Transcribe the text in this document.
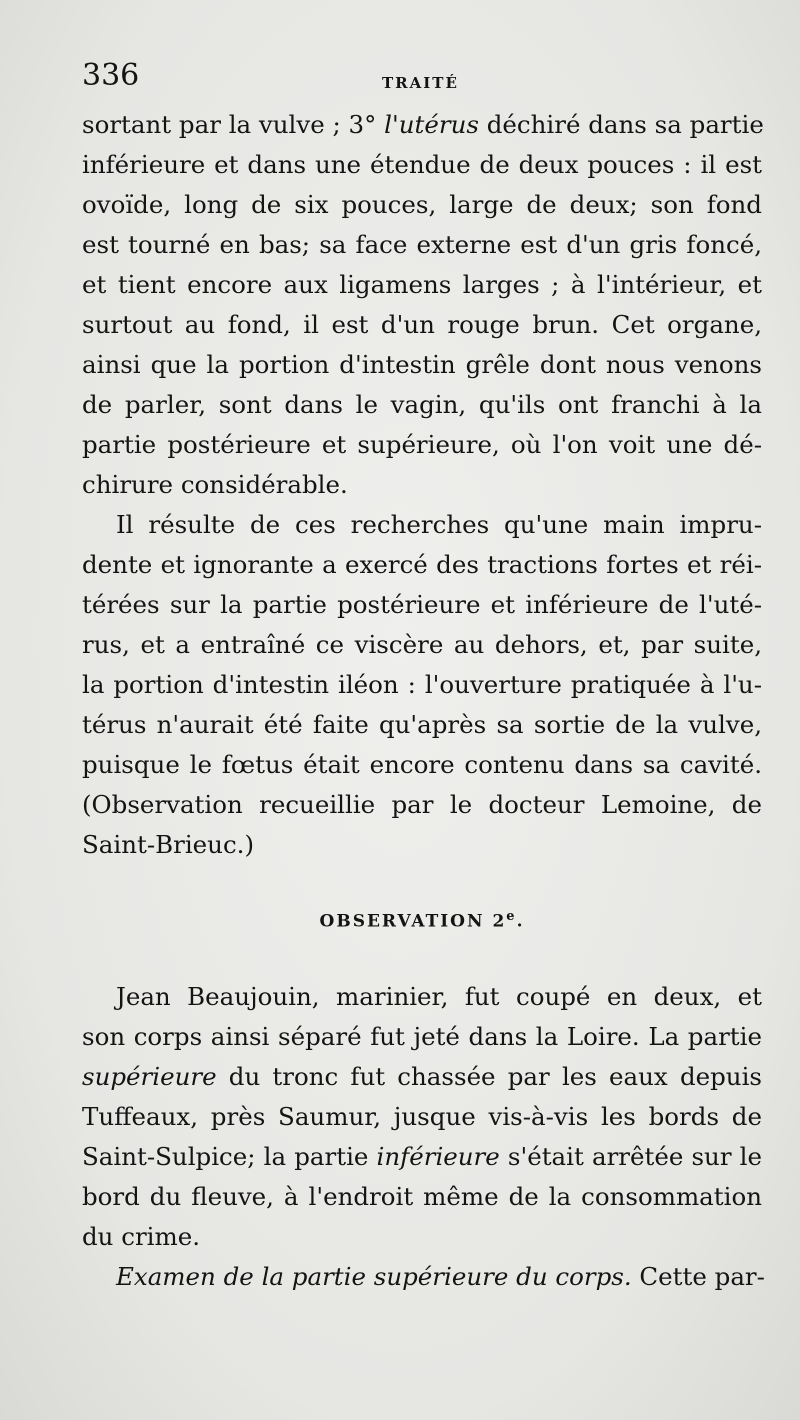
336	TRAITÉ
sortant par la vulve ; 3° l'utérus déchiré dans sa partie
inférieure et dans une étendue de deux pouces : il est
ovoïde, long de six pouces, large de deux; son fond
est tourné en bas; sa face externe est d'un gris foncé,
et tient encore aux ligamens larges ; à l'intérieur, et
surtout au fond, il est d'un rouge brun. Cet organe,
ainsi que la portion d'intestin grêle dont nous venons
de parler, sont dans le vagin, qu'ils ont franchi à la
partie postérieure et supérieure, où l'on voit une dé-
chirure considérable.
Il résulte de ces recherches qu'une main impru-
dente et ignorante a exercé des tractions fortes et réi-
térées sur la partie postérieure et inférieure de l'uté-
rus, et a entraîné ce viscère au dehors, et, par suite,
la portion d'intestin iléon : l'ouverture pratiquée à l'u-
térus n'aurait été faite qu'après sa sortie de la vulve,
puisque le fœtus était encore contenu dans sa cavité.
(Observation recueillie par le docteur Lemoine, de
Saint-Brieuc.)
OBSERVATION 2e.
Jean Beaujouin, marinier, fut coupé en deux, et
son corps ainsi séparé fut jeté dans la Loire. La partie
supérieure du tronc fut chassée par les eaux depuis
Tuffeaux, près Saumur, jusque vis-à-vis les bords de
Saint-Sulpice; la partie inférieure s'était arrêtée sur le
bord du fleuve, à l'endroit même de la consommation
du crime.
Examen de la partie supérieure du corps. Cette par-
